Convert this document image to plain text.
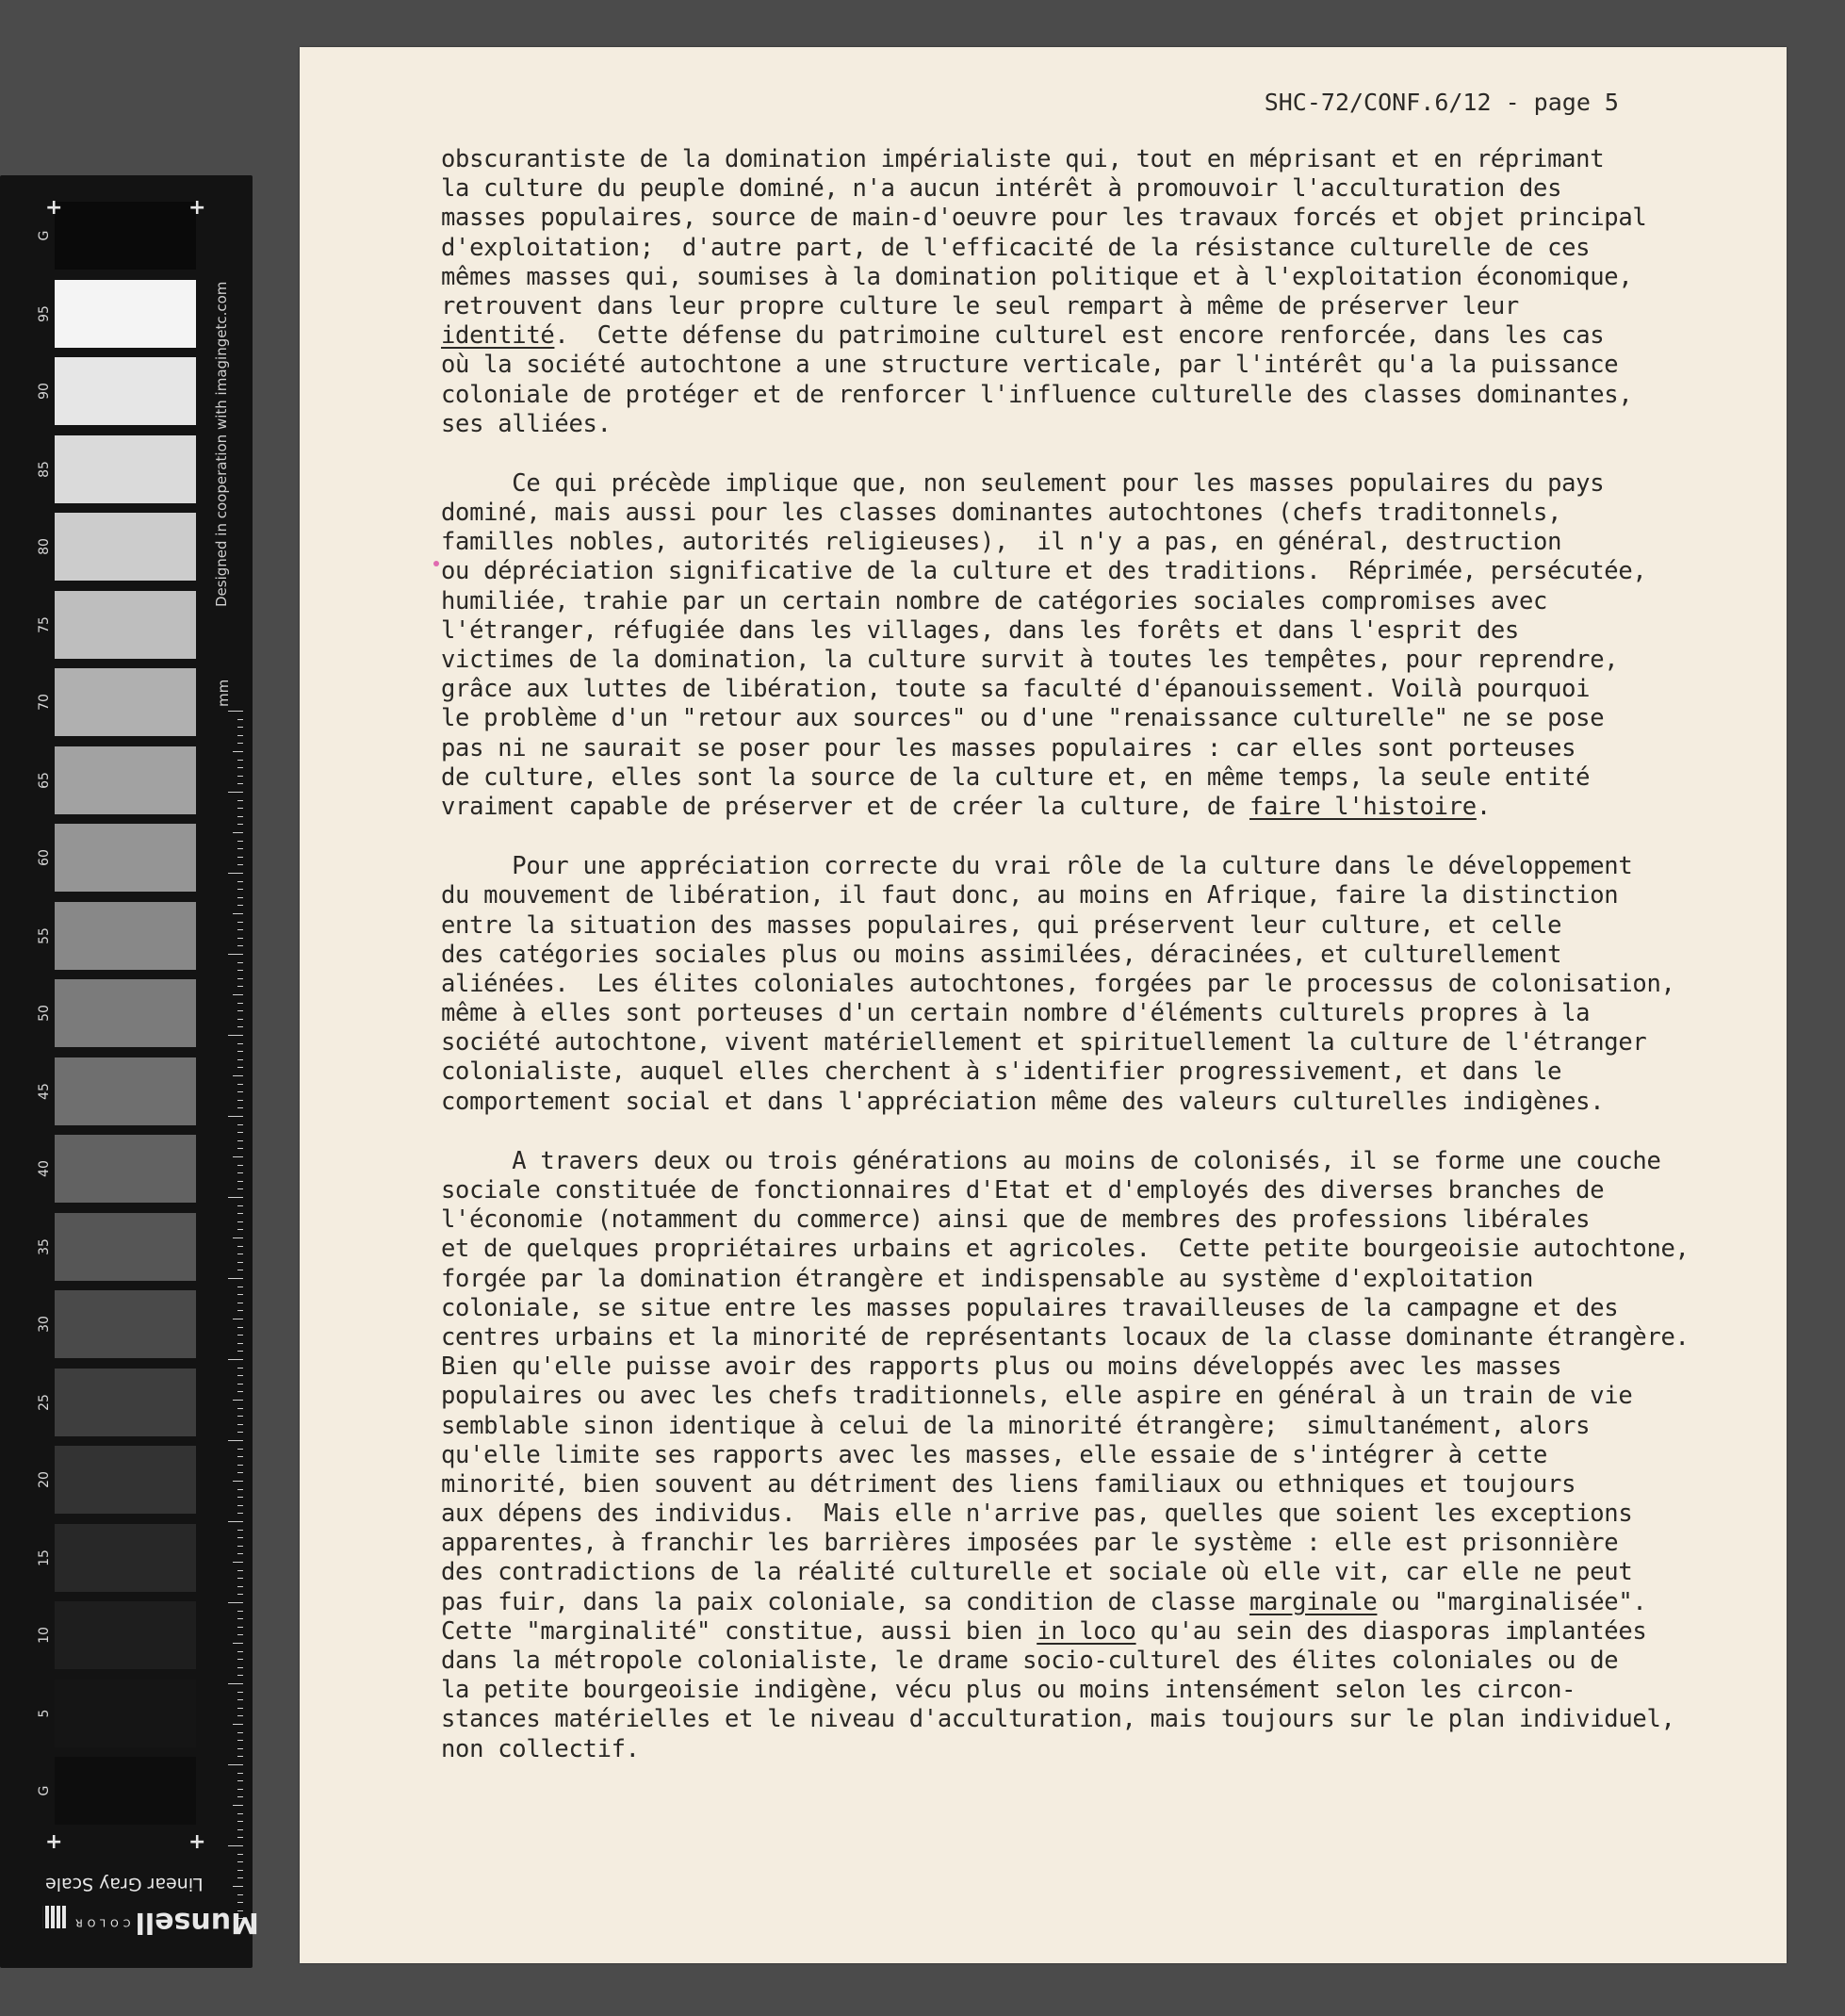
Designed in cooperation with imagingetc.com
mm
Linear Gray Scale
Munsell $^{COLOR}$
G
95
90
85
80
75
70
65
60
55
50
45
40
35
30
25
20
15
10
5
G
+	+
+	+
SHC-72/CONF.6/12 - page 5
obscurantiste de la domination impérialiste qui, tout en méprisant et en réprimant
la culture du peuple dominé, n'a aucun intérêt à promouvoir l'acculturation des
masses populaires, source de main-d'oeuvre pour les travaux forcés et objet principal
d'exploitation;  d'autre part, de l'efficacité de la résistance culturelle de ces
mêmes masses qui, soumises à la domination politique et à l'exploitation économique,
retrouvent dans leur propre culture le seul rempart à même de préserver leur
identité.  Cette défense du patrimoine culturel est encore renforcée, dans les cas
où la société autochtone a une structure verticale, par l'intérêt qu'a la puissance
coloniale de protéger et de renforcer l'influence culturelle des classes dominantes,
ses alliées.
Ce qui précède implique que, non seulement pour les masses populaires du pays
dominé, mais aussi pour les classes dominantes autochtones (chefs traditonnels,
familles nobles, autorités religieuses),  il n'y a pas, en général, destruction
ou dépréciation significative de la culture et des traditions.  Réprimée, persécutée,
humiliée, trahie par un certain nombre de catégories sociales compromises avec
l'étranger, réfugiée dans les villages, dans les forêts et dans l'esprit des
victimes de la domination, la culture survit à toutes les tempêtes, pour reprendre,
grâce aux luttes de libération, toute sa faculté d'épanouissement. Voilà pourquoi
le problème d'un "retour aux sources" ou d'une "renaissance culturelle" ne se pose
pas ni ne saurait se poser pour les masses populaires : car elles sont porteuses
de culture, elles sont la source de la culture et, en même temps, la seule entité
vraiment capable de préserver et de créer la culture, de faire l'histoire.
Pour une appréciation correcte du vrai rôle de la culture dans le développement
du mouvement de libération, il faut donc, au moins en Afrique, faire la distinction
entre la situation des masses populaires, qui préservent leur culture, et celle
des catégories sociales plus ou moins assimilées, déracinées, et culturellement
aliénées.  Les élites coloniales autochtones, forgées par le processus de colonisation,
même à elles sont porteuses d'un certain nombre d'éléments culturels propres à la
société autochtone, vivent matériellement et spirituellement la culture de l'étranger
colonialiste, auquel elles cherchent à s'identifier progressivement, et dans le
comportement social et dans l'appréciation même des valeurs culturelles indigènes.
A travers deux ou trois générations au moins de colonisés, il se forme une couche
sociale constituée de fonctionnaires d'Etat et d'employés des diverses branches de
l'économie (notamment du commerce) ainsi que de membres des professions libérales
et de quelques propriétaires urbains et agricoles.  Cette petite bourgeoisie autochtone,
forgée par la domination étrangère et indispensable au système d'exploitation
coloniale, se situe entre les masses populaires travailleuses de la campagne et des
centres urbains et la minorité de représentants locaux de la classe dominante étrangère.
Bien qu'elle puisse avoir des rapports plus ou moins développés avec les masses
populaires ou avec les chefs traditionnels, elle aspire en général à un train de vie
semblable sinon identique à celui de la minorité étrangère;  simultanément, alors
qu'elle limite ses rapports avec les masses, elle essaie de s'intégrer à cette
minorité, bien souvent au détriment des liens familiaux ou ethniques et toujours
aux dépens des individus.  Mais elle n'arrive pas, quelles que soient les exceptions
apparentes, à franchir les barrières imposées par le système : elle est prisonnière
des contradictions de la réalité culturelle et sociale où elle vit, car elle ne peut
pas fuir, dans la paix coloniale, sa condition de classe marginale ou "marginalisée".
Cette "marginalité" constitue, aussi bien in loco qu'au sein des diasporas implantées
dans la métropole colonialiste, le drame socio-culturel des élites coloniales ou de
la petite bourgeoisie indigène, vécu plus ou moins intensément selon les circon-
stances matérielles et le niveau d'acculturation, mais toujours sur le plan individuel,
non collectif.
